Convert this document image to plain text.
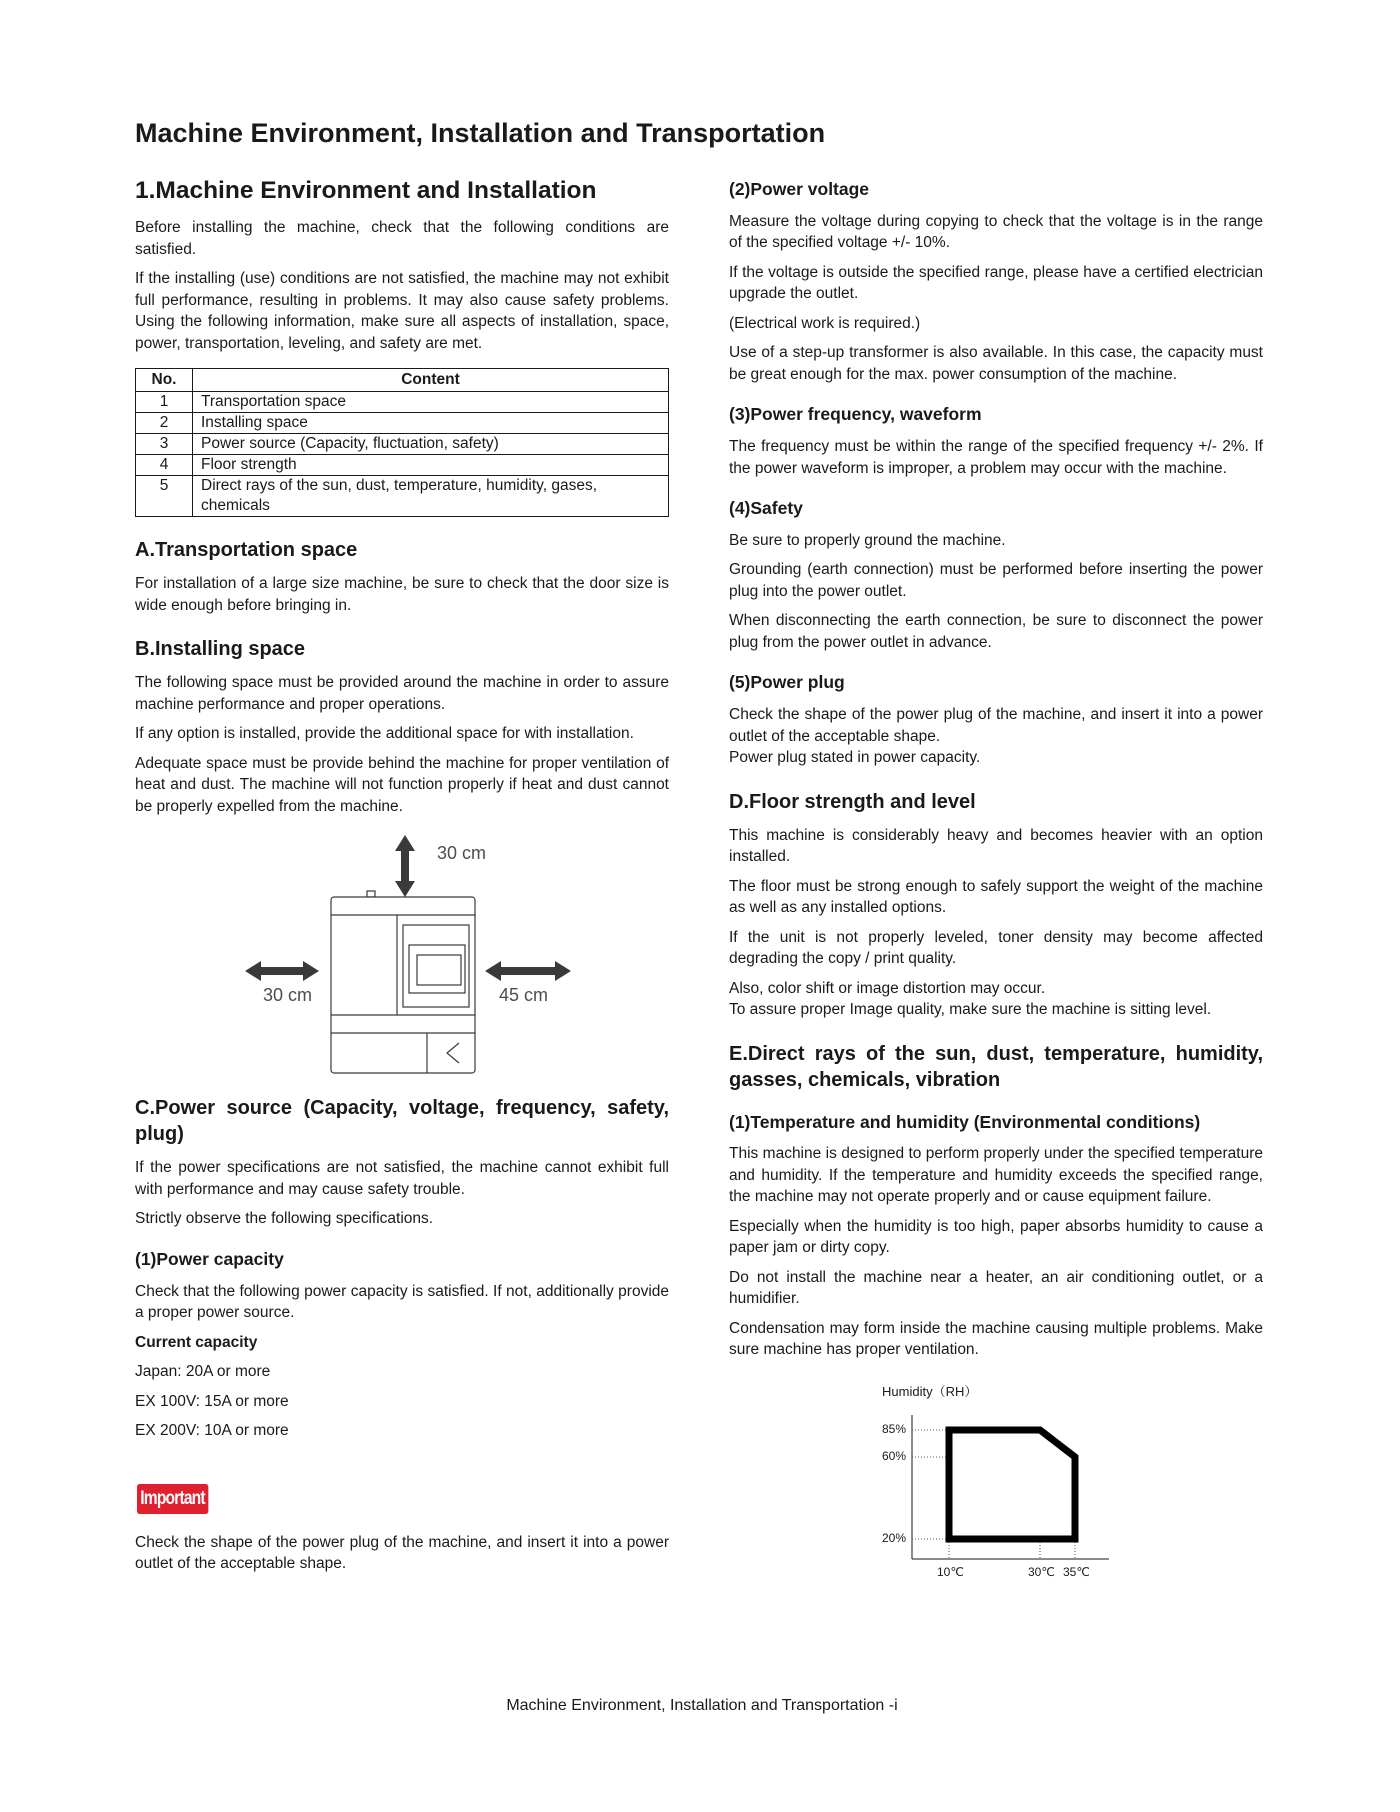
Machine Environment, Installation and Transportation
1.Machine Environment and Installation
Before installing the machine, check that the following conditions are satisfied.
If the installing (use) conditions are not satisfied, the machine may not exhibit full performance, resulting in problems. It may also cause safety problems. Using the following information, make sure all aspects of installation, space, power, transportation, leveling, and safety are met.
No.	Content
1	Transportation space
2	Installing space
3	Power source (Capacity, fluctuation, safety)
4	Floor strength
5	Direct rays of the sun, dust, temperature, humidity, gases, chemicals
A.Transportation space
For installation of a large size machine, be sure to check that the door size is wide enough before bringing in.
B.Installing space
The following space must be provided around the machine in order to assure machine performance and proper operations.
If any option is installed, provide the additional space for with installation.
Adequate space must be provide behind the machine for proper ventilation of heat and dust. The machine will not function properly if heat and dust cannot be properly expelled from the machine.
30 cm
30 cm	45 cm
C.Power source (Capacity, voltage, frequency, safety, plug)
If the power specifications are not satisfied, the machine cannot exhibit full with performance and may cause safety trouble.
Strictly observe the following specifications.
(1)Power capacity
Check that the following power capacity is satisfied. If not, additionally provide a proper power source.
Current capacity
Japan: 20A or more
EX 100V: 15A or more
EX 200V: 10A or more
Important
Check the shape of the power plug of the machine, and insert it into a power outlet of the acceptable shape.
(2)Power voltage
Measure the voltage during copying to check that the voltage is in the range of the specified voltage +/- 10%.
If the voltage is outside the specified range, please have a certified electrician upgrade the outlet.
(Electrical work is required.)
Use of a step-up transformer is also available. In this case, the capacity must be great enough for the max. power consumption of the machine.
(3)Power frequency, waveform
The frequency must be within the range of the specified frequency +/- 2%. If the power waveform is improper, a problem may occur with the machine.
(4)Safety
Be sure to properly ground the machine.
Grounding (earth connection) must be performed before inserting the power plug into the power outlet.
When disconnecting the earth connection, be sure to disconnect the power plug from the power outlet in advance.
(5)Power plug
Check the shape of the power plug of the machine, and insert it into a power outlet of the acceptable shape.
Power plug stated in power capacity.
D.Floor strength and level
This machine is considerably heavy and becomes heavier with an option installed.
The floor must be strong enough to safely support the weight of the machine as well as any installed options.
If the unit is not properly leveled, toner density may become affected degrading the copy / print quality.
Also, color shift or image distortion may occur.
To assure proper Image quality, make sure the machine is sitting level.
E.Direct rays of the sun, dust, temperature, humidity, gasses, chemicals, vibration
(1)Temperature and humidity (Environmental conditions)
This machine is designed to perform properly under the specified temperature and humidity. If the temperature and humidity exceeds the specified range, the machine may not operate properly and or cause equipment failure.
Especially when the humidity is too high, paper absorbs humidity to cause a paper jam or dirty copy.
Do not install the machine near a heater, an air conditioning outlet, or a humidifier.
Condensation may form inside the machine causing multiple problems. Make sure machine has proper ventilation.
Humidity（RH）
85%
60%
20%
10℃	30℃ 35℃
Machine Environment, Installation and Transportation -i
